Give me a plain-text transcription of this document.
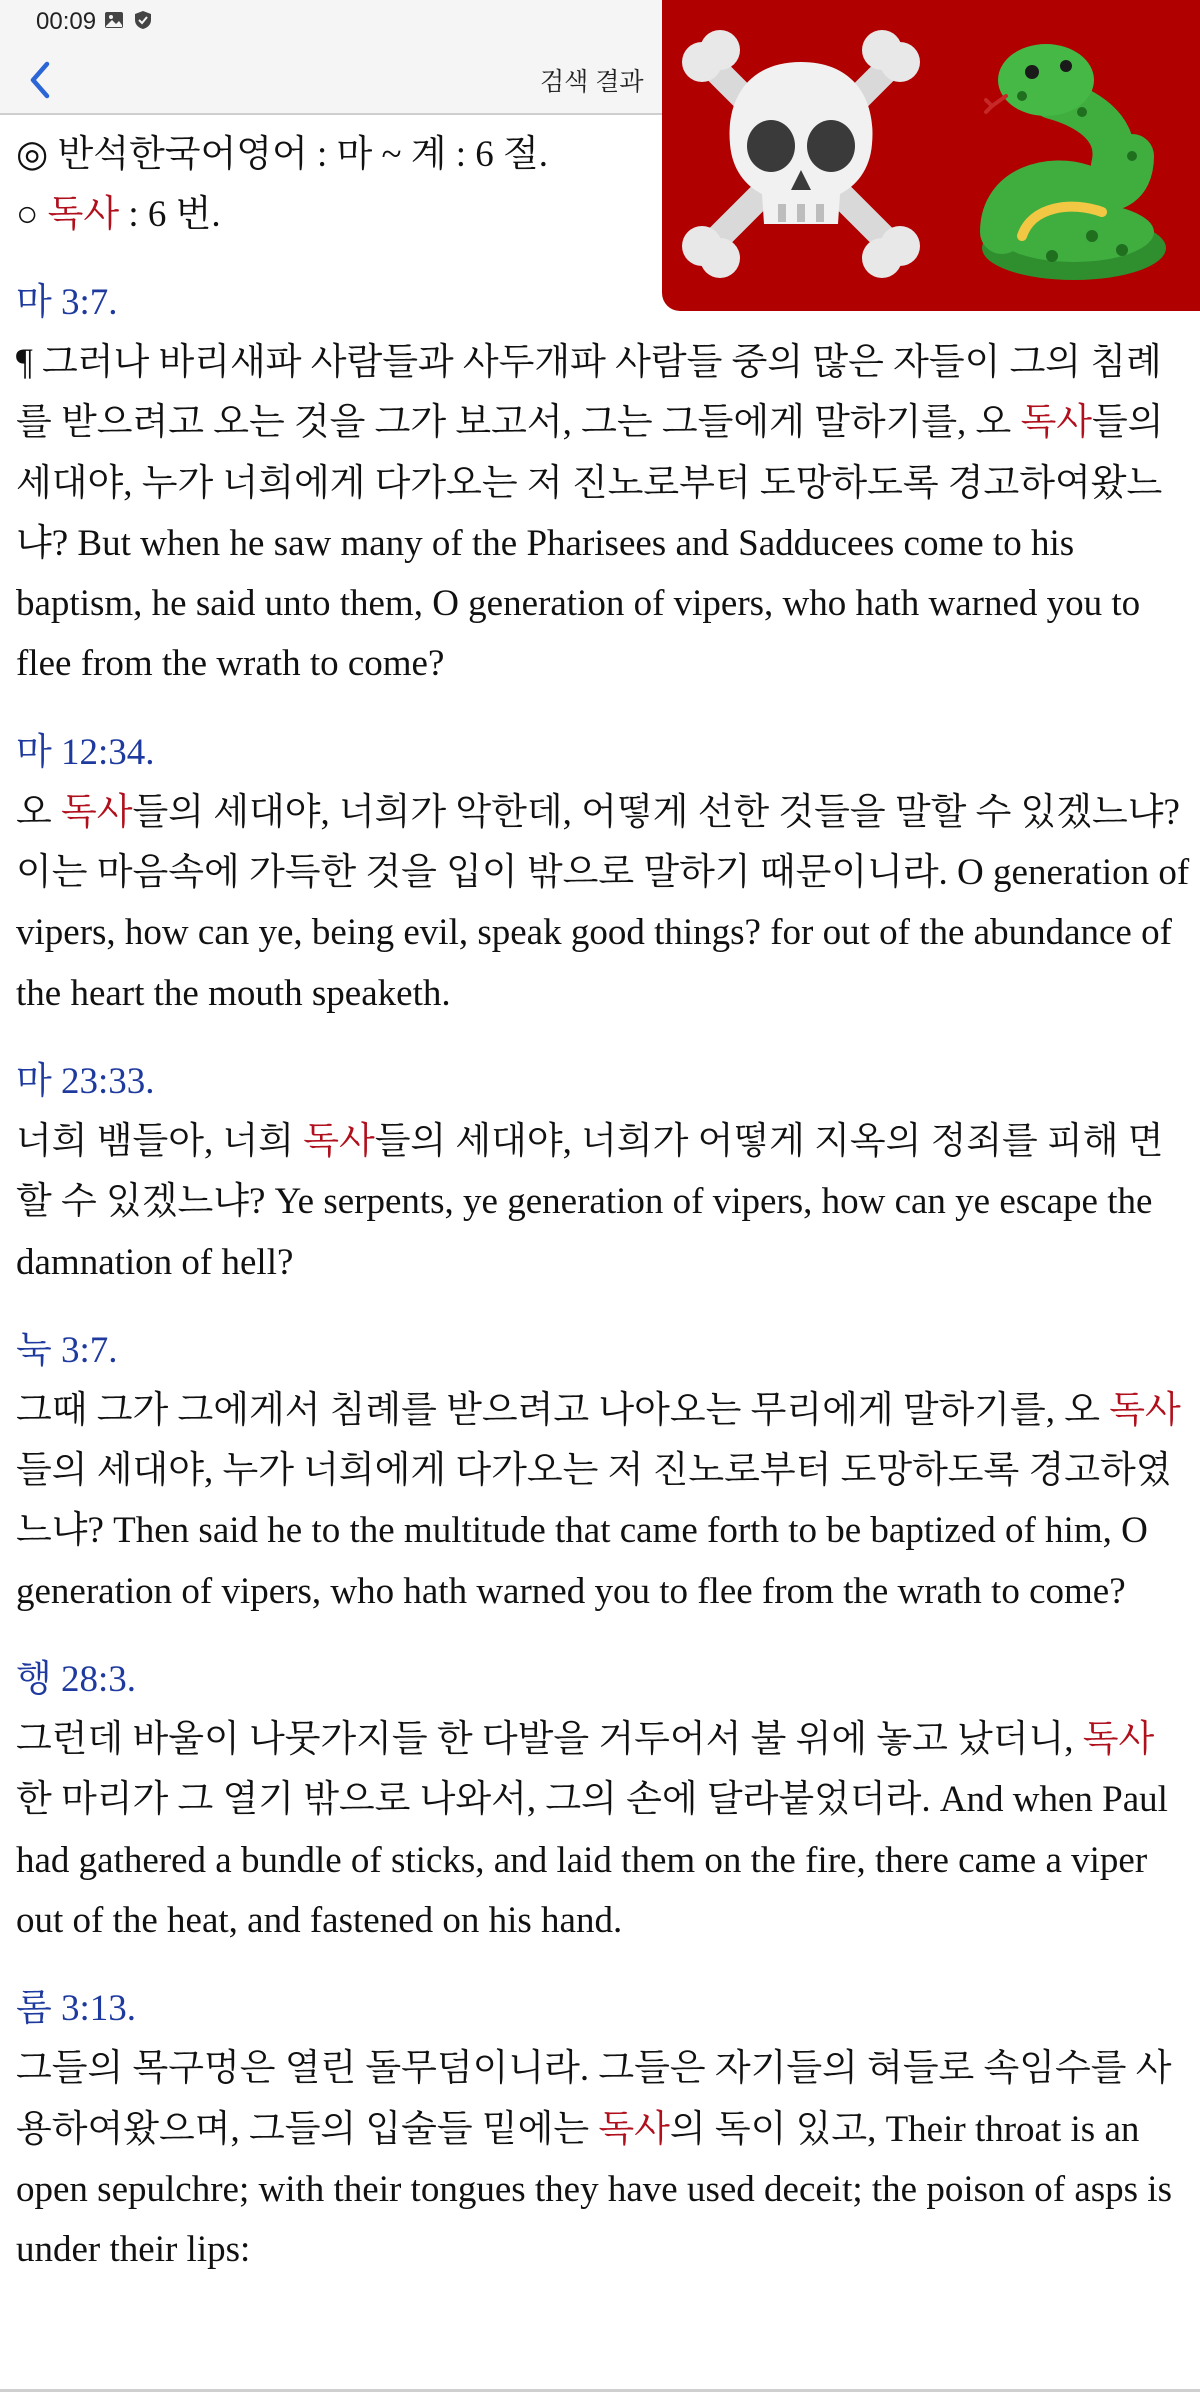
00:09
검색 결과
◎ 반석한국어영어 : 마 ~ 계 : 6 절.
○ 독사 : 6 번.
마 3:7.
¶ 그러나 바리새파 사람들과 사두개파 사람들 중의 많은 자들이 그의 침례를 받으려고 오는 것을 그가 보고서, 그는 그들에게 말하기를, 오 독사들의 세대야, 누가 너희에게 다가오는 저 진노로부터 도망하도록 경고하여왔느냐? But when he saw many of the Pharisees and Sadducees come to his baptism, he said unto them, O generation of vipers, who hath warned you to flee from the wrath to come?
마 12:34.
오 독사들의 세대야, 너희가 악한데, 어떻게 선한 것들을 말할 수 있겠느냐? 이는 마음속에 가득한 것을 입이 밖으로 말하기 때문이니라. O generation of vipers, how can ye, being evil, speak good things? for out of the abundance of the heart the mouth speaketh.
마 23:33.
너희 뱀들아, 너희 독사들의 세대야, 너희가 어떻게 지옥의 정죄를 피해 면할 수 있겠느냐? Ye serpents, ye generation of vipers, how can ye escape the damnation of hell?
눅 3:7.
그때 그가 그에게서 침례를 받으려고 나아오는 무리에게 말하기를, 오 독사들의 세대야, 누가 너희에게 다가오는 저 진노로부터 도망하도록 경고하였느냐? Then said he to the multitude that came forth to be baptized of him, O generation of vipers, who hath warned you to flee from the wrath to come?
행 28:3.
그런데 바울이 나뭇가지들 한 다발을 거두어서 불 위에 놓고 났더니, 독사 한 마리가 그 열기 밖으로 나와서, 그의 손에 달라붙었더라. And when Paul had gathered a bundle of sticks, and laid them on the fire, there came a viper out of the heat, and fastened on his hand.
롬 3:13.
그들의 목구멍은 열린 돌무덤이니라. 그들은 자기들의 혀들로 속임수를 사용하여왔으며, 그들의 입술들 밑에는 독사의 독이 있고, Their throat is an open sepulchre; with their tongues they have used deceit; the poison of asps is under their lips:
